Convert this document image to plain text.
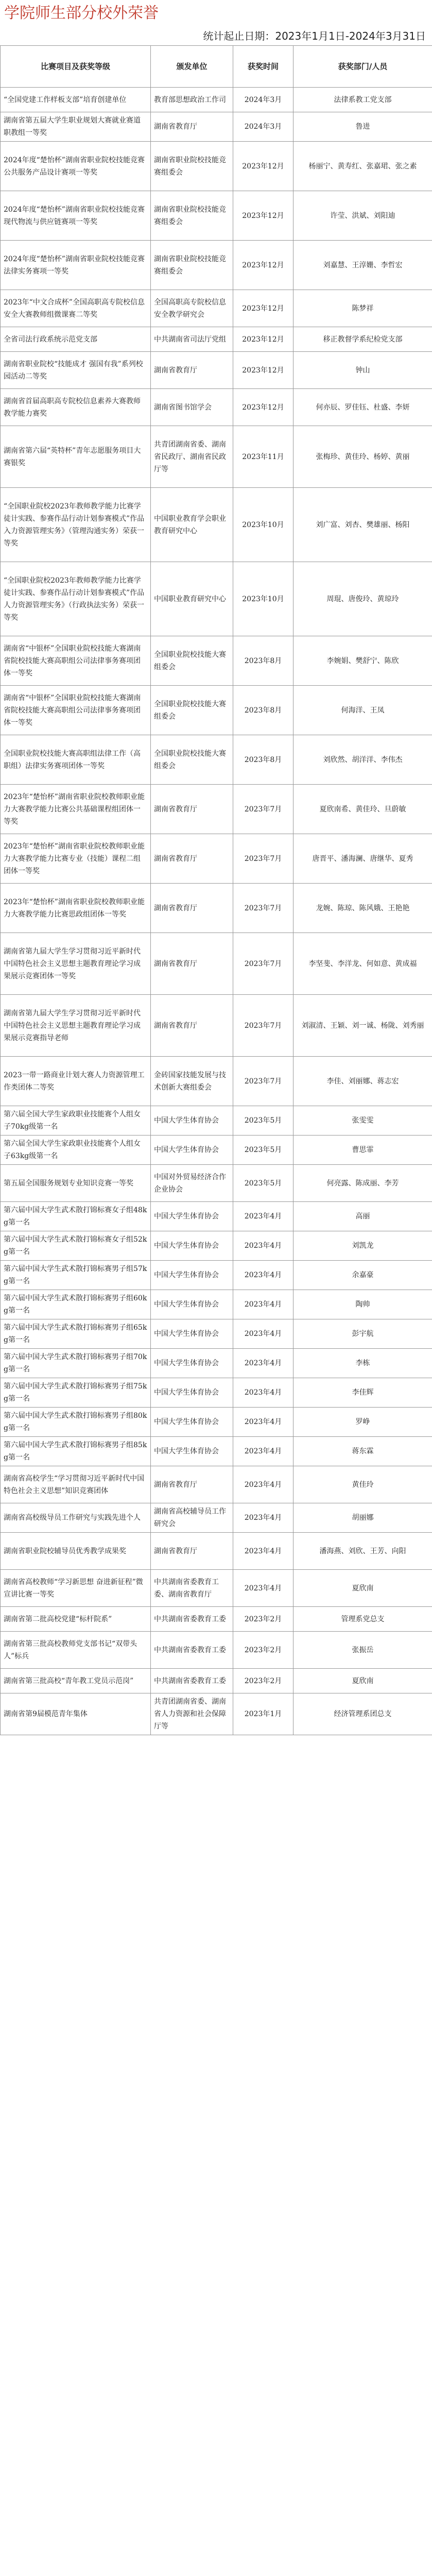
学院师生部分校外荣誉
统计起止日期：2023年1月1日-2024年3月31日
比赛项目及获奖等级	颁发单位	获奖时间	获奖部门/人员
“全国党建工作样板支部”培育创建单位	教育部思想政治工作司	2024年3月	法律系教工党支部
湖南省第五届大学生职业规划大赛就业赛道职教组一等奖	湖南省教育厅	2024年3月	鲁进
2024年度“楚怡杯”湖南省职业院校技能竞赛公共服务产品设计赛项一等奖	湖南省职业院校技能竞赛组委会	2023年12月	杨丽宁、黄寿红、张嘉珺、张之素
2024年度“楚怡杯”湖南省职业院校技能竞赛现代物流与供应链赛项一等奖	湖南省职业院校技能竞赛组委会	2023年12月	许莹、洪斌、刘阳迪
2024年度“楚怡杯”湖南省职业院校技能竞赛法律实务赛项一等奖	湖南省职业院校技能竞赛组委会	2023年12月	刘嘉慧、王淳姗、李哲宏
2023年“中文合成杯”全国高职高专院校信息安全大赛教师组微课赛二等奖	全国高职高专院校信息安全教学研究会	2023年12月	陈梦祥
全省司法行政系统示范党支部	中共湖南省司法厅党组	2023年12月	移正教督学系纪检党支部
湖南省职业院校“技能成才 强国有我”系列校园活动二等奖	湖南省教育厅	2023年12月	钟山
湖南省首届高职高专院校信息素养大赛教师教学能力赛奖	湖南省图书馆学会	2023年12月	何亦辰、罗佳钰、杜盛、李妍
湖南省第六届“英特杯”青年志愿服务项目大赛银奖	共青团湖南省委、湖南省民政厅、湖南省民政厅等	2023年11月	张梅珍、黄佳玲、杨婷、黄丽
“全国职业院校2023年教师教学能力比赛学徒计实践、参赛作品行动计划参赛模式”作品入力资源管理实务》（管理沟通实务）荣获一等奖	中国职业教育学会职业教育研究中心	2023年10月	刘广富、刘杏、樊雄丽、杨阳
“全国职业院校2023年教师教学能力比赛学徒计实践、参赛作品行动计划参赛模式”作品人力资源管理实务》（行政执法实务）荣获一等奖	中国职业教育研究中心	2023年10月	周琨、唐俊玲、黄琼玲
湖南省“中银杯”全国职业院校技能大赛湖南省院校技能大赛高职组公司法律事务赛项团体一等奖	全国职业院校技能大赛组委会	2023年8月	李婉娟、樊舒宁、陈欣
湖南省“中银杯”全国职业院校技能大赛湖南省院校技能大赛高职组公司法律事务赛项团体一等奖	全国职业院校技能大赛组委会	2023年8月	何海洋、王凤
全国职业院校技能大赛高职组法律工作（高职组）法律实务赛项团体一等奖	全国职业院校技能大赛组委会	2023年8月	刘欣然、胡洋洋、李伟杰
2023年“楚怡杯”湖南省职业院校教师职业能力大赛教学能力比赛公共基础课程组团体一等奖	湖南省教育厅	2023年7月	夏欣南希、黄佳玲、旦蔚敏
2023年“楚怡杯”湖南省职业院校教师职业能力大赛教学能力比赛专业（技能）课程二组团体一等奖	湖南省教育厅	2023年7月	唐晋平、潘海澜、唐继华、夏秀
2023年“楚怡杯”湖南省职业院校教师职业能力大赛教学能力比赛思政组团体一等奖	湖南省教育厅	2023年7月	龙婉、陈琼、陈风娥、王艳艳
湖南省第九届大学生学习贯彻习近平新时代中国特色社会主义思想主题教育理论学习成果展示竞赛团体一等奖	湖南省教育厅	2023年7月	李坚斐、李洋龙、何如意、黄成福
湖南省第九届大学生学习贯彻习近平新时代中国特色社会主义思想主题教育理论学习成果展示竞赛指导老师	湖南省教育厅	2023年7月	刘淑清、王颖、刘一诚、杨陇、刘秀丽
2023一带一路商业计划大赛人力资源管理工作类团体二等奖	金砖国家技能发展与技术创新大赛组委会	2023年7月	李佳、刘丽娜、蒋志宏
第六届全国大学生家政职业技能赛个人组女子70kg级第一名	中国大学生体育协会	2023年5月	张雯雯
第六届全国大学生家政职业技能赛个人组女子63kg级第一名	中国大学生体育协会	2023年5月	曹思霏
第五届全国服务规划专业知识竞赛一等奖	中国对外贸易经济合作企业协会	2023年5月	何亮露、陈成丽、李芳
第六届中国大学生武术散打锦标赛女子组48kg第一名	中国大学生体育协会	2023年4月	高丽
第六届中国大学生武术散打锦标赛女子组52kg第一名	中国大学生体育协会	2023年4月	刘凯龙
第六届中国大学生武术散打锦标赛男子组57kg第一名	中国大学生体育协会	2023年4月	余嘉豪
第六届中国大学生武术散打锦标赛男子组60kg第一名	中国大学生体育协会	2023年4月	陶帅
第六届中国大学生武术散打锦标赛男子组65kg第一名	中国大学生体育协会	2023年4月	彭宇航
第六届中国大学生武术散打锦标赛男子组70kg第一名	中国大学生体育协会	2023年4月	李栋
第六届中国大学生武术散打锦标赛男子组75kg第一名	中国大学生体育协会	2023年4月	李佳辉
第六届中国大学生武术散打锦标赛男子组80kg第一名	中国大学生体育协会	2023年4月	罗峥
第六届中国大学生武术散打锦标赛男子组85kg第一名	中国大学生体育协会	2023年4月	蒋东霖
湖南省高校学生“学习贯彻习近平新时代中国特色社会主义思想”知识竞赛团体	湖南省教育厅	2023年4月	黄佳玲
湖南省高校级导员工作研究与实践先进个人	湖南省高校辅导员工作研究会	2023年4月	胡丽娜
湖南省职业院校辅导员优秀教学成果奖	湖南省教育厅	2023年4月	潘海燕、刘欣、王芳、向阳
湖南省高校教师“学习新思想 奋进新征程”微宣讲比赛一等奖	中共湖南省委教育工委、湖南省教育厅	2023年4月	夏欣南
湖南省第二批高校党建“标杆院系”	中共湖南省委教育工委	2023年2月	管理系党总支
湖南省第三批高校教师党支部书记“双带头人”标兵	中共湖南省委教育工委	2023年2月	张振岳
湖南省第三批高校“青年教工党员示范岗”	中共湖南省委教育工委	2023年2月	夏欣南
湖南省第9届模范青年集体	共青团湖南省委、湖南省人力资源和社会保障厅等	2023年1月	经济管理系团总支
